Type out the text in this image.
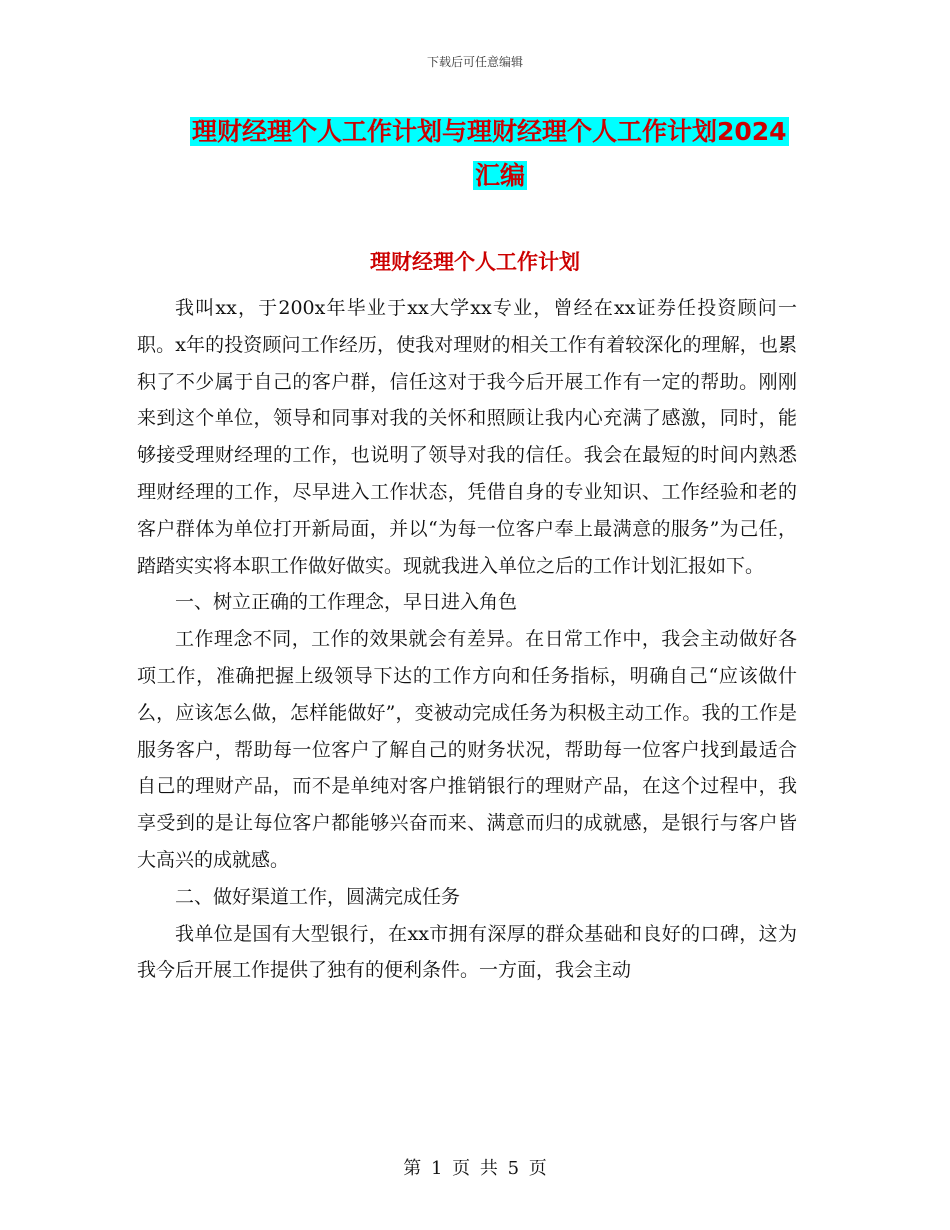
下载后可任意编辑
理财经理个人工作计划与理财经理个人工作计划2024
汇编
理财经理个人工作计划

我叫xx，于200x年毕业于xx大学xx专业，曾经在xx证券任投资顾问一职。x年的投资顾问工作经历，使我对理财的相关工作有着较深化的理解，也累积了不少属于自己的客户群，信任这对于我今后开展工作有一定的帮助。刚刚来到这个单位，领导和同事对我的关怀和照顾让我内心充满了感激，同时，能够接受理财经理的工作，也说明了领导对我的信任。我会在最短的时间内熟悉理财经理的工作，尽早进入工作状态，凭借自身的专业知识、工作经验和老的客户群体为单位打开新局面，并以“为每一位客户奉上最满意的服务”为己任，踏踏实实将本职工作做好做实。现就我进入单位之后的工作计划汇报如下。

一、树立正确的工作理念，早日进入角色

工作理念不同，工作的效果就会有差异。在日常工作中，我会主动做好各项工作，准确把握上级领导下达的工作方向和任务指标，明确自己“应该做什么，应该怎么做，怎样能做好”，变被动完成任务为积极主动工作。我的工作是服务客户，帮助每一位客户了解自己的财务状况，帮助每一位客户找到最适合自己的理财产品，而不是单纯对客户推销银行的理财产品，在这个过程中，我享受到的是让每位客户都能够兴奋而来、满意而归的成就感，是银行与客户皆大高兴的成就感。

二、做好渠道工作，圆满完成任务

我单位是国有大型银行，在xx市拥有深厚的群众基础和良好的口碑，这为我今后开展工作提供了独有的便利条件。一方面，我会主动

第 1 页 共 5 页
